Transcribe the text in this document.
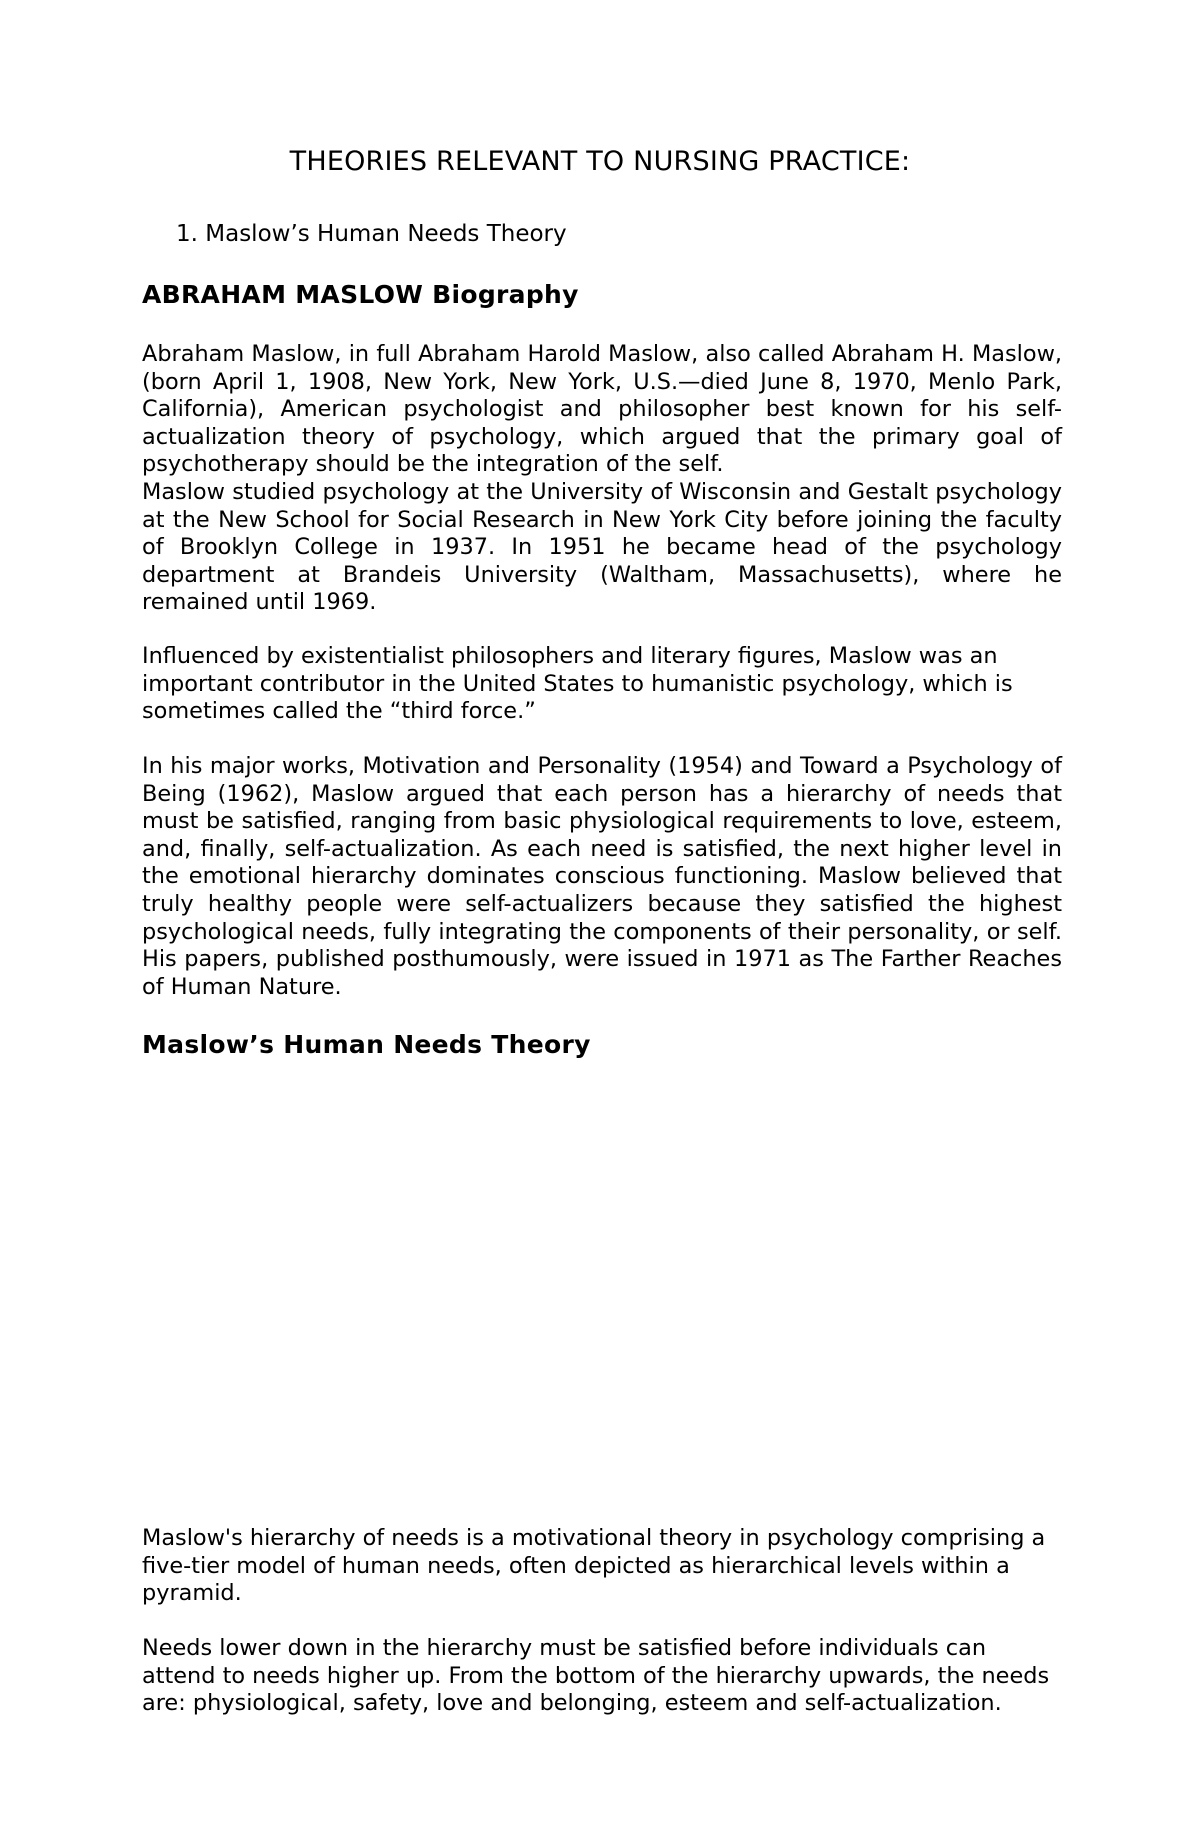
THEORIES RELEVANT TO NURSING PRACTICE:

1. Maslow’s Human Needs Theory

ABRAHAM MASLOW Biography

Abraham Maslow, in full Abraham Harold Maslow, also called Abraham H. Maslow, (born April 1, 1908, New York, New York, U.S.—died June 8, 1970, Menlo Park, California), American psychologist and philosopher best known for his self-actualization theory of psychology, which argued that the primary goal of psychotherapy should be the integration of the self.

Maslow studied psychology at the University of Wisconsin and Gestalt psychology at the New School for Social Research in New York City before joining the faculty of Brooklyn College in 1937. In 1951 he became head of the psychology department at Brandeis University (Waltham, Massachusetts), where he remained until 1969.

Influenced by existentialist philosophers and literary figures, Maslow was an important contributor in the United States to humanistic psychology, which is sometimes called the “third force.”

In his major works, Motivation and Personality (1954) and Toward a Psychology of Being (1962), Maslow argued that each person has a hierarchy of needs that must be satisfied, ranging from basic physiological requirements to love, esteem, and, finally, self-actualization. As each need is satisfied, the next higher level in the emotional hierarchy dominates conscious functioning. Maslow believed that truly healthy people were self-actualizers because they satisfied the highest psychological needs, fully integrating the components of their personality, or self. His papers, published posthumously, were issued in 1971 as The Farther Reaches of Human Nature.

Maslow’s Human Needs Theory

Maslow's hierarchy of needs is a motivational theory in psychology comprising a five-tier model of human needs, often depicted as hierarchical levels within a pyramid.

Needs lower down in the hierarchy must be satisfied before individuals can attend to needs higher up. From the bottom of the hierarchy upwards, the needs are: physiological, safety, love and belonging, esteem and self-actualization.
